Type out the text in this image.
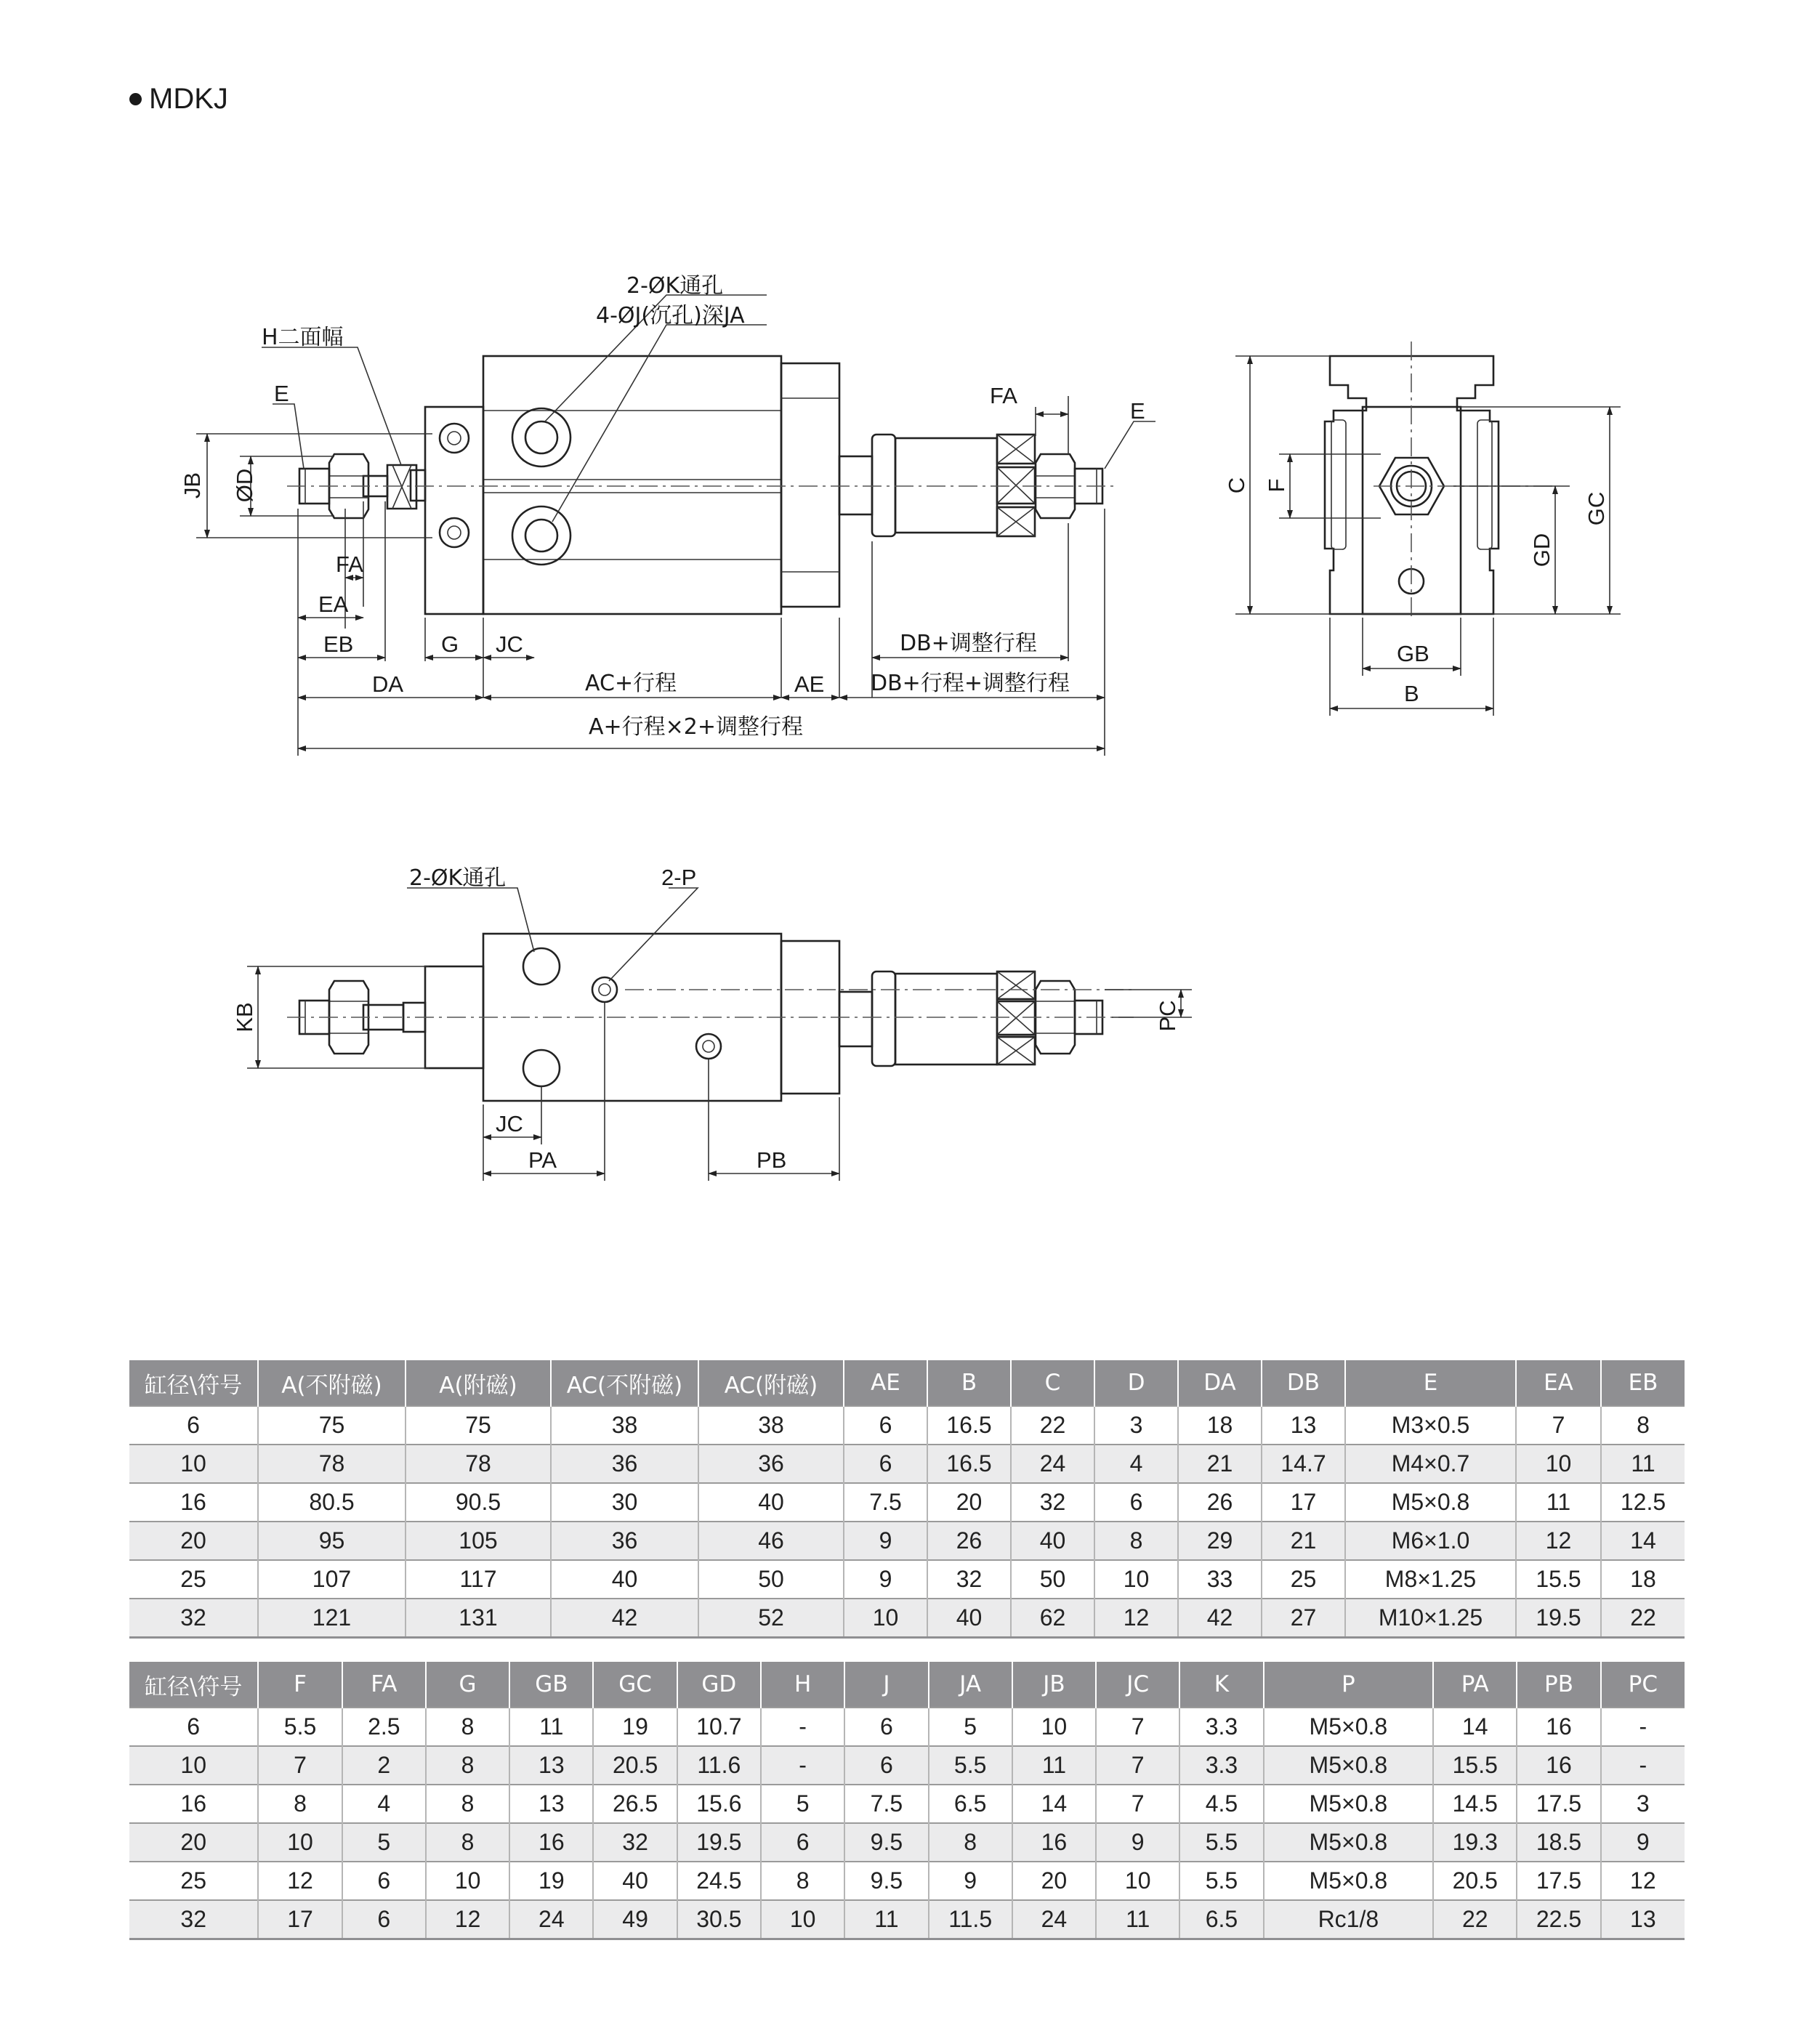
MDKJ
2-ØK通孔
4-ØJ(沉孔)深JA
H二面幅
E	FA
E
JB ØD
FA
EA
EB	G JC	DB+调整行程
DA	AC+行程	AE DB+行程+调整行程
A+行程×2+调整行程
C F
GD
GC
GB
B
2-ØK通孔	2-P
KB	PC
JC
PA	PB
缸径\符号	A(不附磁)	A(附磁)	AC(不附磁)	AC(附磁)	AE	B	C	D	DA	DB	E	EA	EB
6	75	75	38	38	6	16.5	22	3	18	13	M3×0.5	7	8
10	78	78	36	36	6	16.5	24	4	21	14.7	M4×0.7	10	11
16	80.5	90.5	30	40	7.5	20	32	6	26	17	M5×0.8	11	12.5
20	95	105	36	46	9	26	40	8	29	21	M6×1.0	12	14
25	107	117	40	50	9	32	50	10	33	25	M8×1.25	15.5	18
32	121	131	42	52	10	40	62	12	42	27	M10×1.25	19.5	22
缸径\符号	F	FA	G	GB	GC	GD	H	J	JA	JB	JC	K	P	PA	PB	PC
6	5.5	2.5	8	11	19	10.7	-	6	5	10	7	3.3	M5×0.8	14	16	-
10	7	2	8	13	20.5	11.6	-	6	5.5	11	7	3.3	M5×0.8	15.5	16	-
16	8	4	8	13	26.5	15.6	5	7.5	6.5	14	7	4.5	M5×0.8	14.5	17.5	3
20	10	5	8	16	32	19.5	6	9.5	8	16	9	5.5	M5×0.8	19.3	18.5	9
25	12	6	10	19	40	24.5	8	9.5	9	20	10	5.5	M5×0.8	20.5	17.5	12
32	17	6	12	24	49	30.5	10	11	11.5	24	11	6.5	Rc1/8	22	22.5	13
